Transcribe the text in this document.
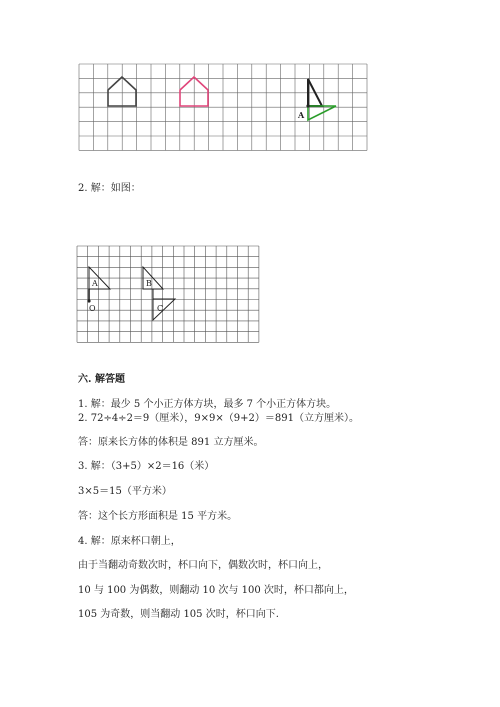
A
2. 解：如图：
A	B
C
O
六. 解答题
1. 解：最少 5 个小正方体方块，最多 7 个小正方体方块。
2. 72÷4÷2＝9（厘米），9×9×（9+2）＝891（立方厘米）。
答：原来长方体的体积是 891 立方厘米。
3. 解：（3+5）×2＝16（米）
3×5＝15（平方米）
答：这个长方形面积是 15 平方米。
4. 解：原来杯口朝上，
由于当翻动奇数次时，杯口向下，偶数次时，杯口向上，
10 与 100 为偶数，则翻动 10 次与 100 次时，杯口都向上，
105 为奇数，则当翻动 105 次时，杯口向下.
